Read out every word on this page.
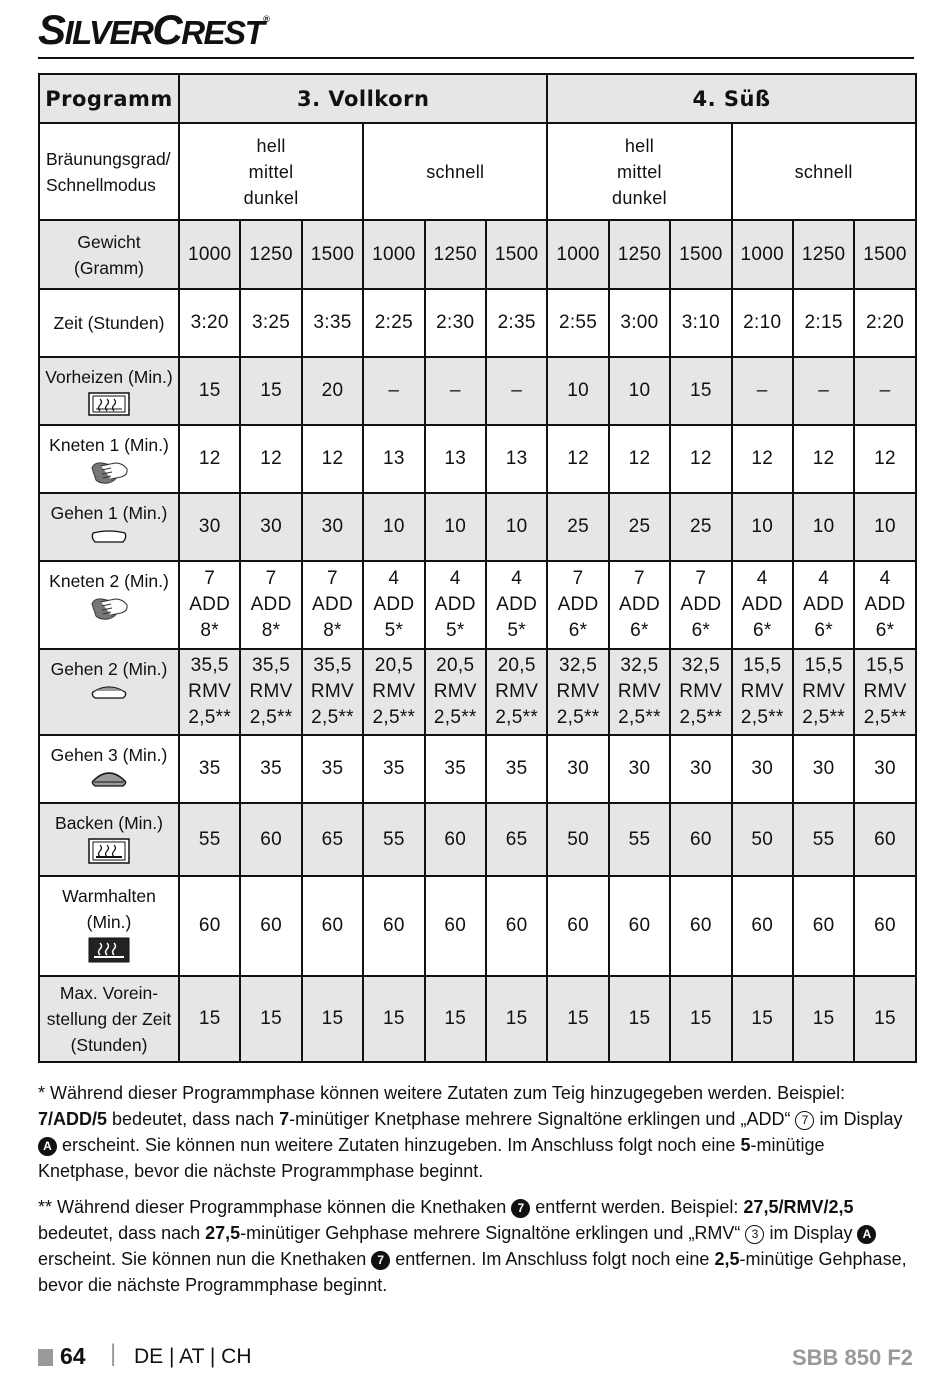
SILVERCREST®
Programm	3. Vollkorn						4. Süß					
Bräunungsgrad/
Schnellmodus	hell
mittel
dunkel			schnell			hell
mittel
dunkel			schnell		
Gewicht
(Gramm)	1000	1250	1500	1000	1250	1500	1000	1250	1500	1000	1250	1500
Zeit (Stunden)	3:20	3:25	3:35	2:25	2:30	2:35	2:55	3:00	3:10	2:10	2:15	2:20
Vorheizen (Min.)	15	15	20	–	–	–	10	10	15	–	–	–
Kneten 1 (Min.)	12	12	12	13	13	13	12	12	12	12	12	12
Gehen 1 (Min.)	30	30	30	10	10	10	25	25	25	10	10	10
Kneten 2 (Min.)	7
ADD
8*	7
ADD
8*	7
ADD
8*	4
ADD
5*	4
ADD
5*	4
ADD
5*	7
ADD
6*	7
ADD
6*	7
ADD
6*	4
ADD
6*	4
ADD
6*	4
ADD
6*
Gehen 2 (Min.)	35,5
RMV
2,5**	35,5
RMV
2,5**	35,5
RMV
2,5**	20,5
RMV
2,5**	20,5
RMV
2,5**	20,5
RMV
2,5**	32,5
RMV
2,5**	32,5
RMV
2,5**	32,5
RMV
2,5**	15,5
RMV
2,5**	15,5
RMV
2,5**	15,5
RMV
2,5**
Gehen 3 (Min.)	35	35	35	35	35	35	30	30	30	30	30	30
Backen (Min.)	55	60	65	55	60	65	50	55	60	50	55	60
Warmhalten
(Min.)	60	60	60	60	60	60	60	60	60	60	60	60
Max. Vorein-
stellung der Zeit
(Stunden)	15	15	15	15	15	15	15	15	15	15	15	15
* Während dieser Programmphase können weitere Zutaten zum Teig hinzugegeben werden. Beispiel: 7/ADD/5 bedeutet, dass nach 7-minütiger Knetphase mehrere Signaltöne erklingen und „ADD“ 7 im Display A erscheint. Sie können nun weitere Zutaten hinzugeben. Im Anschluss folgt noch eine 5-minütige Knetphase, bevor die nächste Programmphase beginnt.
** Während dieser Programmphase können die Knethaken 7 entfernt werden. Beispiel: 27,5/RMV/2,5 bedeutet, dass nach 27,5-minütiger Gehphase mehrere Signaltöne erklingen und „RMV“ 3 im Display A erscheint. Sie können nun die Knethaken 7 entfernen. Im Anschluss folgt noch eine 2,5-minütige Gehphase, bevor die nächste Programmphase beginnt.
64 | DE | AT | CH	SBB 850 F2
